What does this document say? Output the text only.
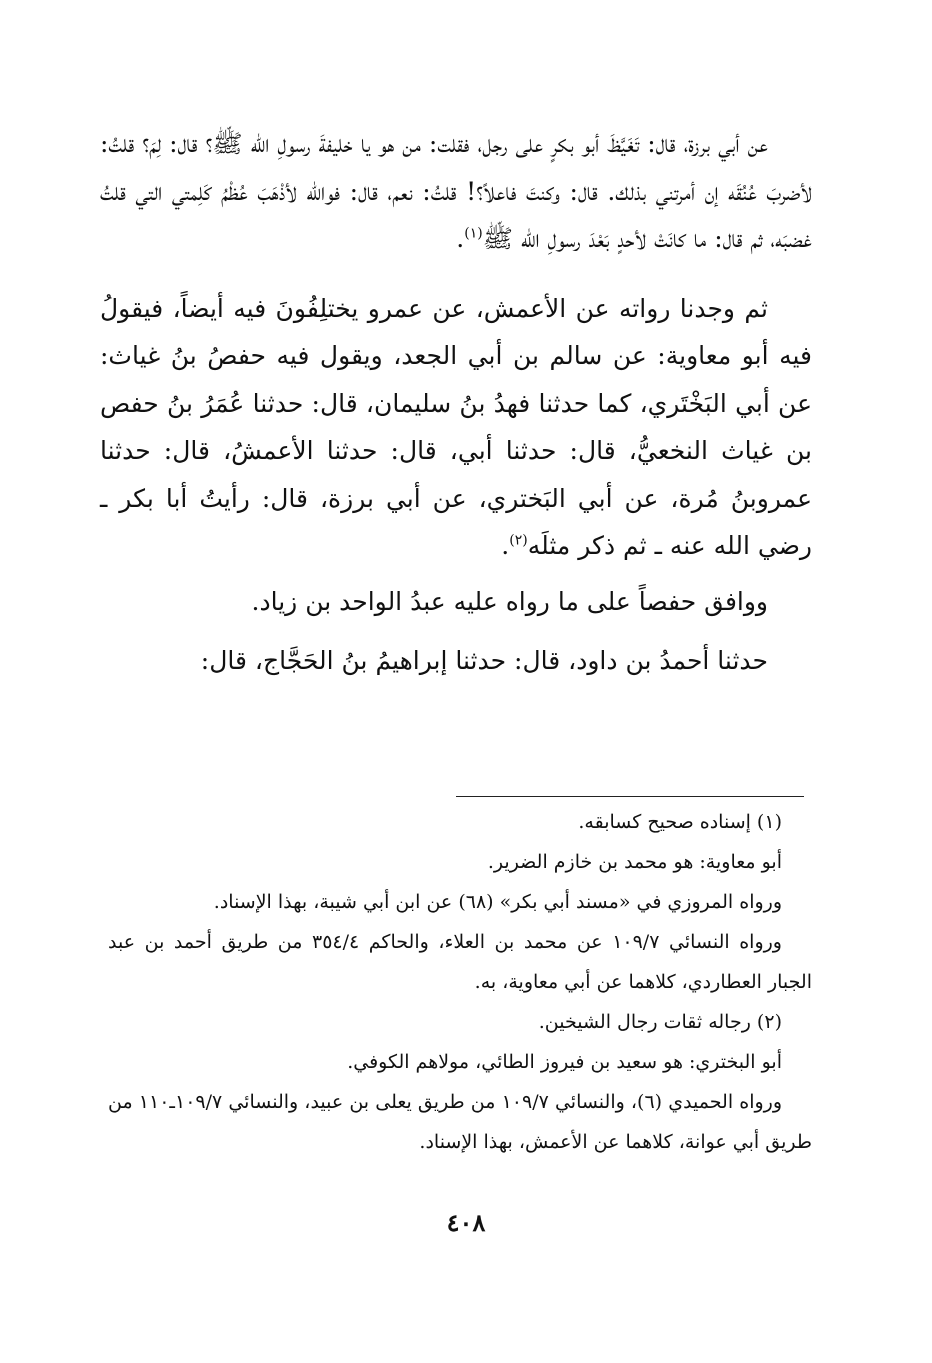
عن أبي برزة، قال: تَغَيَّظَ أبو بكرٍ على رجل، فقلت: من هو يا خليفةَ رسولِ الله ﷺ؟ قال: لِمَ؟ قلتُ: لأضربَ عُنُقَه إن أمرتني بذلك. قال: وكنتَ فاعلاً؟! قلتُ: نعم، قال: فوالله لأذْهَبَ عُظْمُ كَلِمتي التي قلتُ غضبَه، ثم قال: ما كانَتْ لأحدٍ بَعْدَ رسولِ الله ﷺ$^{(١)}$.

ثم وجدنا رواته عن الأعمش، عن عمرو يختلِفُونَ فيه أيضاً، فيقولُ فيه أبو معاوية: عن سالم بن أبي الجعد، ويقول فيه حفصُ بنُ غياث: عن أبي البَخْتَري، كما حدثنا فهدُ بنُ سليمان، قال: حدثنا عُمَرُ بنُ حفص بن غياث النخعيُّ، قال: حدثنا أبي، قال: حدثنا الأعمشُ، قال: حدثنا عمروبنُ مُرة، عن أبي البَختري، عن أبي برزة، قال: رأيتُ أبا بكر ـ رضي الله عنه ـ ثم ذكر مثلَه$^{(٢)}$.

ووافق حفصاً على ما رواه عليه عبدُ الواحد بن زياد.

حدثنا أحمدُ بن داود، قال: حدثنا إبراهيمُ بنُ الحَجَّاج، قال:

(١) إسناده صحيح كسابقه.

أبو معاوية: هو محمد بن خازم الضرير.

ورواه المروزي في «مسند أبي بكر» (٦٨) عن ابن أبي شيبة، بهذا الإسناد.

ورواه النسائي ١٠٩/٧ عن محمد بن العلاء، والحاكم ٣٥٤/٤ من طريق أحمد بن عبد الجبار العطاردي، كلاهما عن أبي معاوية، به.

(٢) رجاله ثقات رجال الشيخين.

أبو البختري: هو سعيد بن فيروز الطائي، مولاهم الكوفي.

ورواه الحميدي (٦)، والنسائي ١٠٩/٧ من طريق يعلى بن عبيد، والنسائي ١٠٩/٧ـ١١٠ من طريق أبي عوانة، كلاهما عن الأعمش، بهذا الإسناد.

٤٠٨
